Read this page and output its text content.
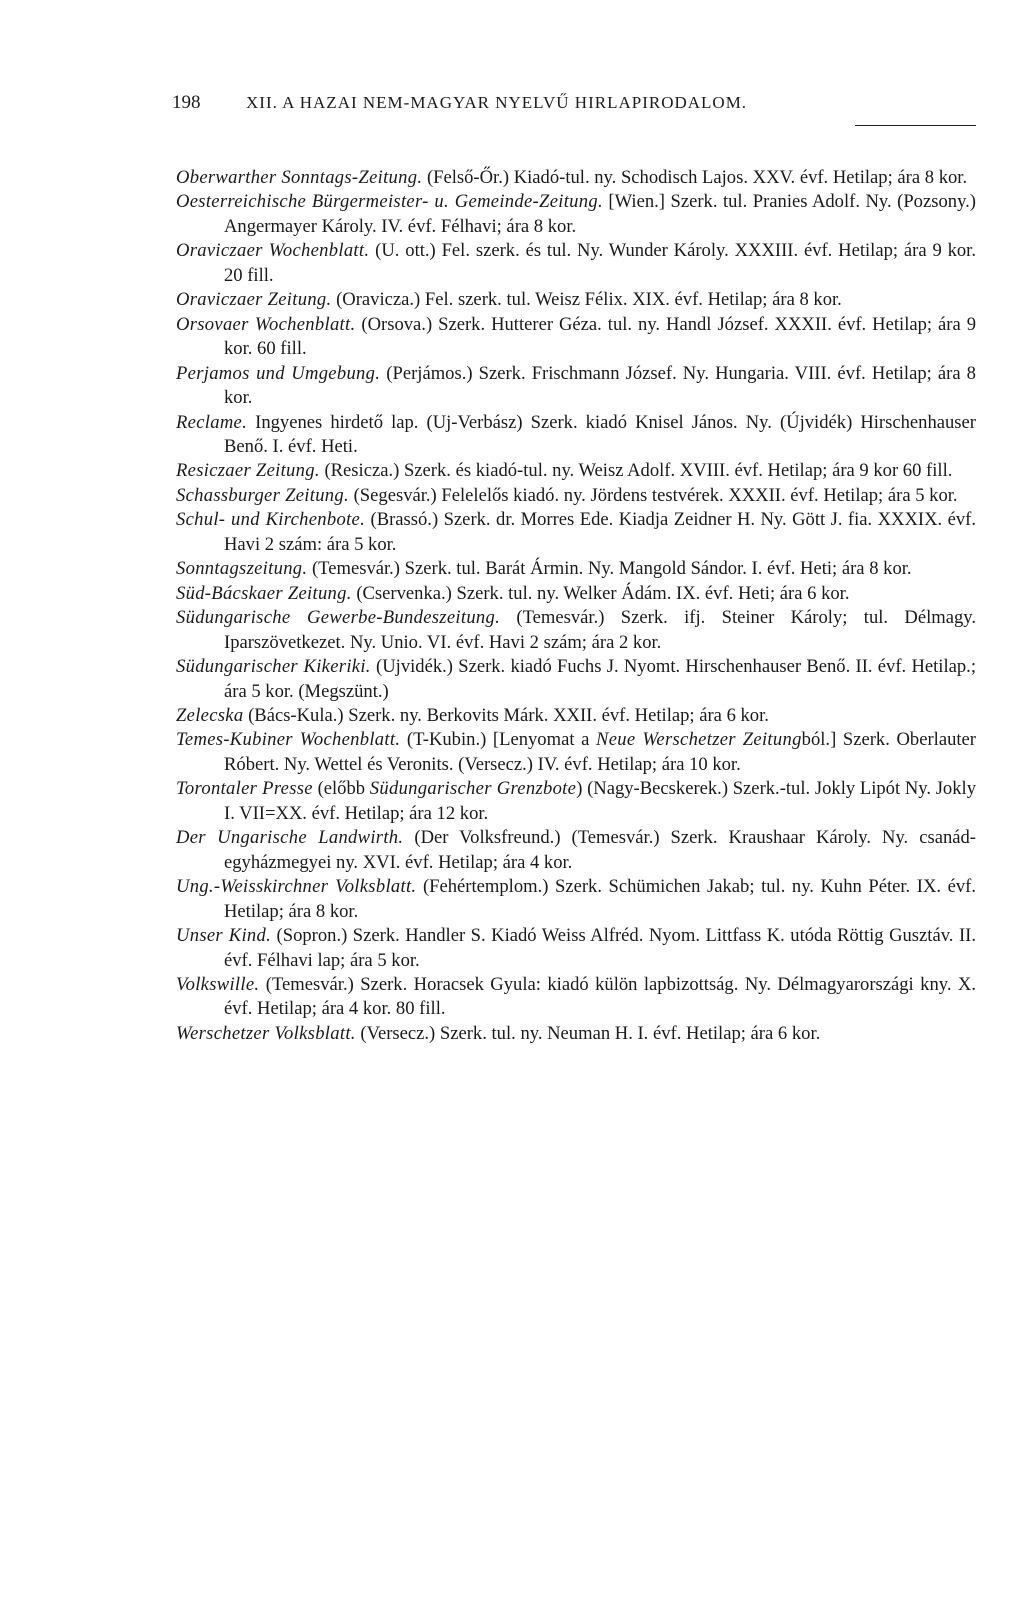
198	XII. A HAZAI NEM-MAGYAR NYELVŰ HIRLAPIRODALOM.

Oberwarther Sonntags-Zeitung. (Felső-Őr.) Kiadó-tul. ny. Schodisch Lajos. XXV. évf. Hetilap; ára 8 kor.

Oesterreichische Bürgermeister- u. Gemeinde-Zeitung. [Wien.] Szerk. tul. Pranies Adolf. Ny. (Pozsony.) Angermayer Károly. IV. évf. Félhavi; ára 8 kor.

Oraviczaer Wochenblatt. (U. ott.) Fel. szerk. és tul. Ny. Wunder Károly. XXXIII. évf. Hetilap; ára 9 kor. 20 fill.

Oraviczaer Zeitung. (Oravicza.) Fel. szerk. tul. Weisz Félix. XIX. évf. Hetilap; ára 8 kor.

Orsovaer Wochenblatt. (Orsova.) Szerk. Hutterer Géza. tul. ny. Handl József. XXXII. évf. Hetilap; ára 9 kor. 60 fill.

Perjamos und Umgebung. (Perjámos.) Szerk. Frischmann József. Ny. Hungaria. VIII. évf. Hetilap; ára 8 kor.

Reclame. Ingyenes hirdető lap. (Uj-Verbász) Szerk. kiadó Knisel János. Ny. (Újvidék) Hirschenhauser Benő. I. évf. Heti.

Resiczaer Zeitung. (Resicza.) Szerk. és kiadó-tul. ny. Weisz Adolf. XVIII. évf. Hetilap; ára 9 kor 60 fill.

Schassburger Zeitung. (Segesvár.) Felelelős kiadó. ny. Jördens testvérek. XXXII. évf. Hetilap; ára 5 kor.

Schul- und Kirchenbote. (Brassó.) Szerk. dr. Morres Ede. Kiadja Zeidner H. Ny. Gött J. fia. XXXIX. évf. Havi 2 szám: ára 5 kor.

Sonntagszeitung. (Temesvár.) Szerk. tul. Barát Ármin. Ny. Mangold Sándor. I. évf. Heti; ára 8 kor.

Süd-Bácskaer Zeitung. (Cservenka.) Szerk. tul. ny. Welker Ádám. IX. évf. Heti; ára 6 kor.

Südungarische Gewerbe-Bundeszeitung. (Temesvár.) Szerk. ifj. Steiner Károly; tul. Délmagy. Iparszövetkezet. Ny. Unio. VI. évf. Havi 2 szám; ára 2 kor.

Südungarischer Kikeriki. (Ujvidék.) Szerk. kiadó Fuchs J. Nyomt. Hirschenhauser Benő. II. évf. Hetilap.; ára 5 kor. (Megszünt.)

Zelecska (Bács-Kula.) Szerk. ny. Berkovits Márk. XXII. évf. Hetilap; ára 6 kor.

Temes-Kubiner Wochenblatt. (T-Kubin.) [Lenyomat a Neue Werschetzer Zeitungból.] Szerk. Oberlauter Róbert. Ny. Wettel és Veronits. (Versecz.) IV. évf. Hetilap; ára 10 kor.

Torontaler Presse (előbb Südungarischer Grenzbote) (Nagy-Becskerek.) Szerk.-tul. Jokly Lipót Ny. Jokly I. VII=XX. évf. Hetilap; ára 12 kor.

Der Ungarische Landwirth. (Der Volksfreund.) (Temesvár.) Szerk. Kraushaar Károly. Ny. csanád-egyházmegyei ny. XVI. évf. Hetilap; ára 4 kor.

Ung.-Weisskirchner Volksblatt. (Fehértemplom.) Szerk. Schümichen Jakab; tul. ny. Kuhn Péter. IX. évf. Hetilap; ára 8 kor.

Unser Kind. (Sopron.) Szerk. Handler S. Kiadó Weiss Alfréd. Nyom. Littfass K. utóda Röttig Gusztáv. II. évf. Félhavi lap; ára 5 kor.

Volkswille. (Temesvár.) Szerk. Horacsek Gyula: kiadó külön lapbizottság. Ny. Délmagyarországi kny. X. évf. Hetilap; ára 4 kor. 80 fill.

Werschetzer Volksblatt. (Versecz.) Szerk. tul. ny. Neuman H. I. évf. Hetilap; ára 6 kor.
